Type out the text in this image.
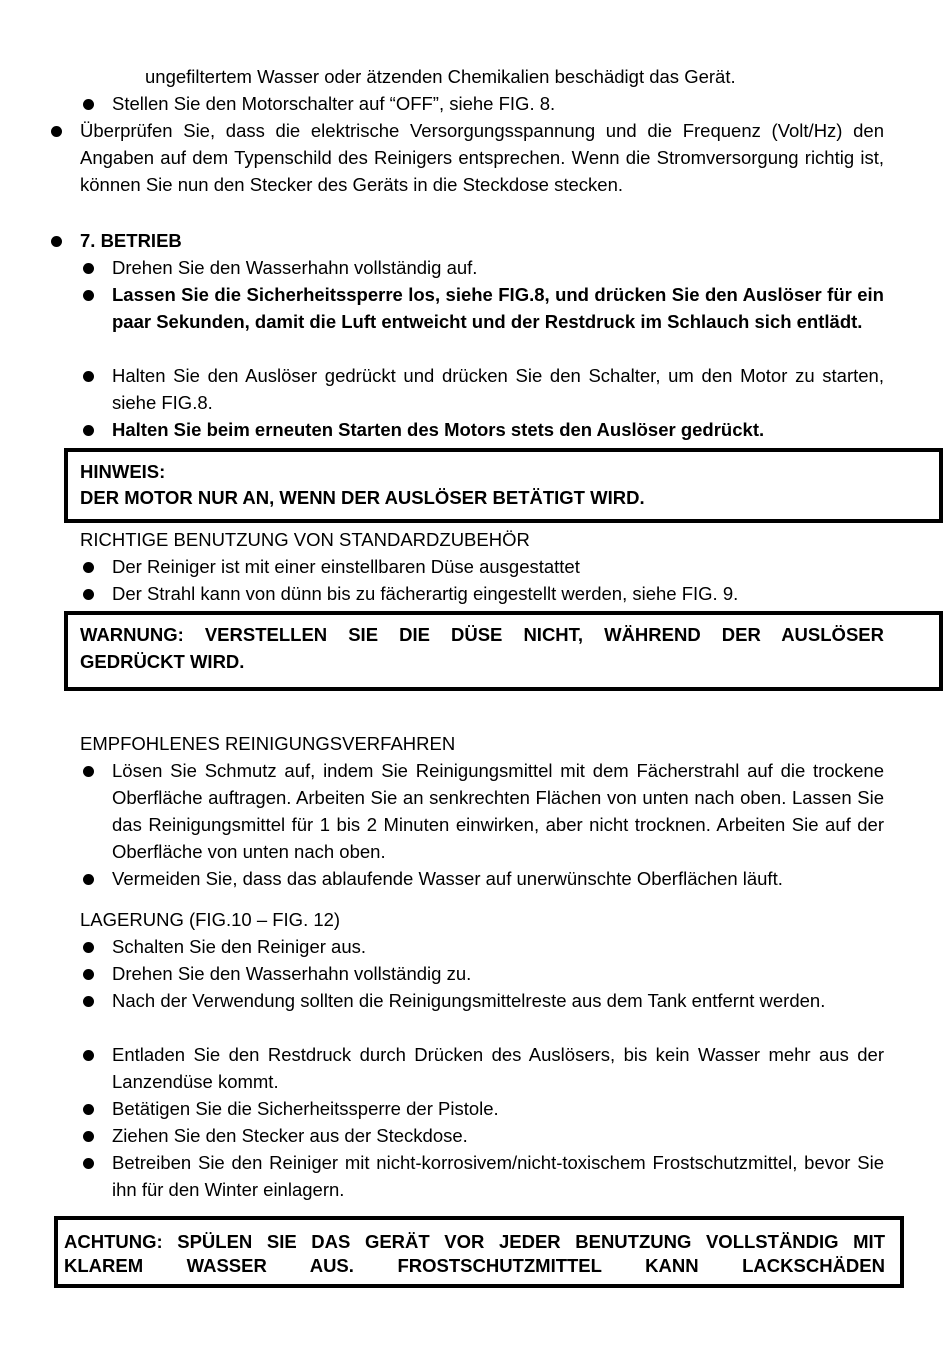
ungefiltertem Wasser oder ätzenden Chemikalien beschädigt das Gerät.
Stellen Sie den Motorschalter auf “OFF”, siehe FIG. 8.
Überprüfen Sie, dass die elektrische Versorgungsspannung und die Frequenz (Volt/Hz) den Angaben auf dem Typenschild des Reinigers entsprechen. Wenn die Stromversorgung richtig ist, können Sie nun den Stecker des Geräts in die Steckdose stecken.
7. BETRIEB
Drehen Sie den Wasserhahn vollständig auf.
Lassen Sie die Sicherheitssperre los, siehe FIG.8, und drücken Sie den Auslöser für ein paar Sekunden, damit die Luft entweicht und der Restdruck im Schlauch sich entlädt.
Halten Sie den Auslöser gedrückt und drücken Sie den Schalter, um den Motor zu starten, siehe FIG.8.
Halten Sie beim erneuten Starten des Motors stets den Auslöser gedrückt.
HINWEIS:
DER MOTOR NUR AN, WENN DER AUSLÖSER BETÄTIGT WIRD.
RICHTIGE BENUTZUNG VON STANDARDZUBEHÖR
Der Reiniger ist mit einer einstellbaren Düse ausgestattet
Der Strahl kann von dünn bis zu fächerartig eingestellt werden, siehe FIG. 9.
WARNUNG: VERSTELLEN SIE DIE DÜSE NICHT, WÄHREND DER AUSLÖSER
GEDRÜCKT WIRD.
EMPFOHLENES REINIGUNGSVERFAHREN
Lösen Sie Schmutz auf, indem Sie Reinigungsmittel mit dem Fächerstrahl auf die trockene Oberfläche auftragen. Arbeiten Sie an senkrechten Flächen von unten nach oben. Lassen Sie das Reinigungsmittel für 1 bis 2 Minuten einwirken, aber nicht trocknen. Arbeiten Sie auf der Oberfläche von unten nach oben.
Vermeiden Sie, dass das ablaufende Wasser auf unerwünschte Oberflächen läuft.
LAGERUNG (FIG.10 – FIG. 12)
Schalten Sie den Reiniger aus.
Drehen Sie den Wasserhahn vollständig zu.
Nach der Verwendung sollten die Reinigungsmittelreste aus dem Tank entfernt werden.
Entladen Sie den Restdruck durch Drücken des Auslösers, bis kein Wasser mehr aus der Lanzendüse kommt.
Betätigen Sie die Sicherheitssperre der Pistole.
Ziehen Sie den Stecker aus der Steckdose.
Betreiben Sie den Reiniger mit nicht-korrosivem/nicht-toxischem Frostschutzmittel, bevor Sie ihn für den Winter einlagern.
ACHTUNG: SPÜLEN SIE DAS GERÄT VOR JEDER BENUTZUNG VOLLSTÄNDIG MIT
KLAREM WASSER AUS. FROSTSCHUTZMITTEL KANN LACKSCHÄDEN
